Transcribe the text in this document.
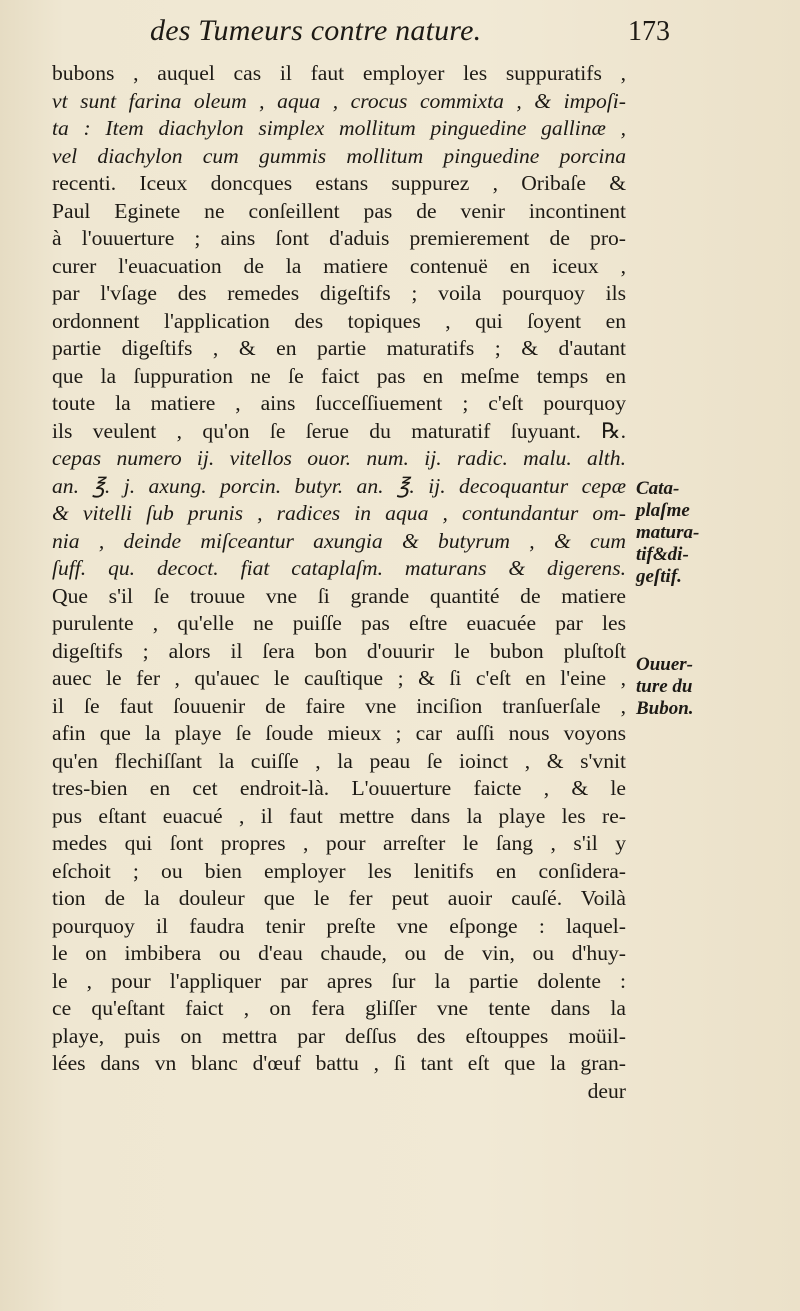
des Tumeurs contre nature.	173
bubons , auquel cas il faut employer les suppuratifs ,
vt sunt farina oleum , aqua , crocus commixta , & impoſi-
ta : Item diachylon simplex mollitum pinguedine gallinæ ,
vel diachylon cum gummis mollitum pinguedine porcina
recenti. Iceux doncques estans suppurez , Oribaſe &
Paul Eginete ne conſeillent pas de venir incontinent
à l'ouuerture ; ains ſont d'aduis premierement de pro-
curer l'euacuation de la matiere contenuë en iceux ,
par l'vſage des remedes digeſtifs ; voila pourquoy ils
ordonnent l'application des topiques , qui ſoyent en
partie digeſtifs , & en partie maturatifs ; & d'autant
que la ſuppuration ne ſe faict pas en meſme temps en
toute la matiere , ains ſucceſſiuement ; c'eſt pourquoy
ils veulent , qu'on ſe ſerue du maturatif ſuyuant. ℞.
cepas numero ij. vitellos ouor. num. ij. radic. malu. alth.
an. ℥. j. axung. porcin. butyr. an. ℥. ij. decoquantur cepæ
& vitelli ſub prunis , radices in aqua , contundantur om-
nia , deinde miſceantur axungia & butyrum , & cum
ſuff. qu. decoct. fiat cataplaſm. maturans & digerens.
Que s'il ſe trouue vne ſi grande quantité de matiere
purulente , qu'elle ne puiſſe pas eſtre euacuée par les
digeſtifs ; alors il ſera bon d'ouurir le bubon pluſtoſt
auec le fer , qu'auec le cauſtique ; & ſi c'eſt en l'eine ,
il ſe faut ſouuenir de faire vne inciſion tranſuerſale ,
afin que la playe ſe ſoude mieux ; car auſſi nous voyons
qu'en flechiſſant la cuiſſe , la peau ſe ioinct , & s'vnit
tres-bien en cet endroit-là. L'ouuerture faicte , & le
pus eſtant euacué , il faut mettre dans la playe les re-
medes qui ſont propres , pour arreſter le ſang , s'il y
eſchoit ; ou bien employer les lenitifs en conſidera-
tion de la douleur que le fer peut auoir cauſé. Voilà
pourquoy il faudra tenir preſte vne eſponge : laquel-
le on imbibera ou d'eau chaude, ou de vin, ou d'huy-
le , pour l'appliquer par apres ſur la partie dolente :
ce qu'eſtant faict , on fera gliſſer vne tente dans la
playe, puis on mettra par deſſus des eſtouppes moüil-
lées dans vn blanc d'œuf battu , ſi tant eſt que la gran-
deur
Cata-
plaſme
matura-
tif&di-
geſtif.
Ouuer-
ture du
Bubon.
